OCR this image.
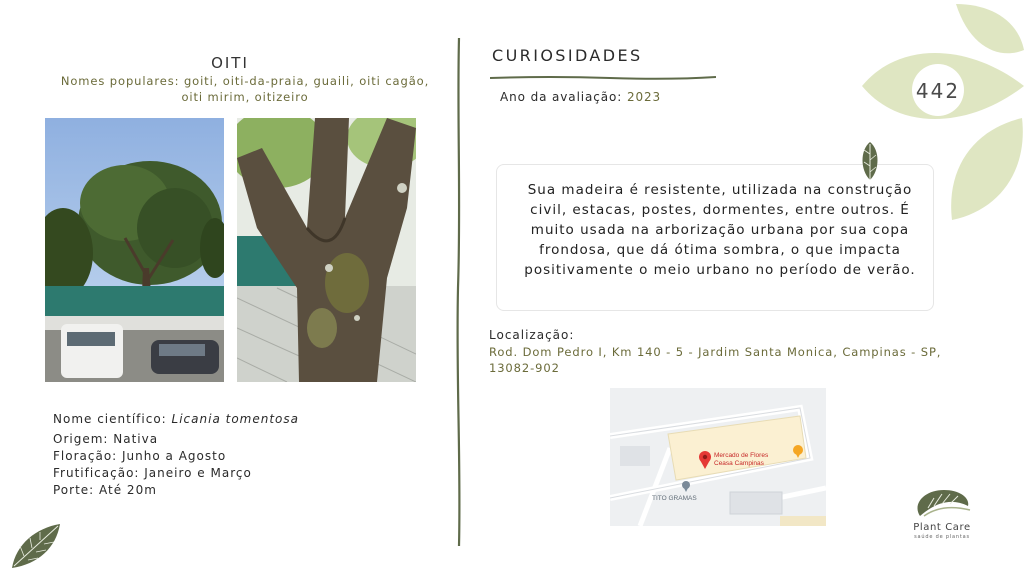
OITI
Nomes populares: goiti, oiti-da-praia, guaili, oiti cagão, oiti mirim, oitizeiro
Nome científico: Licania tomentosa
Origem: Nativa
Floração: Junho a Agosto
Frutificação: Janeiro e Março
Porte: Até 20m
CURIOSIDADES
Ano da avaliação: 2023
Sua madeira é resistente, utilizada na construção civil, estacas, postes, dormentes, entre outros. É muito usada na arborização urbana por sua copa frondosa, que dá ótima sombra, o que impacta positivamente o meio urbano no período de verão.
Localização:
Rod. Dom Pedro I, Km 140 - 5 - Jardim Santa Monica, Campinas - SP, 13082-902
Mercado de Flores
Ceasa Campinas
TITO GRAMAS
442
Plant Care
saúde de plantas
